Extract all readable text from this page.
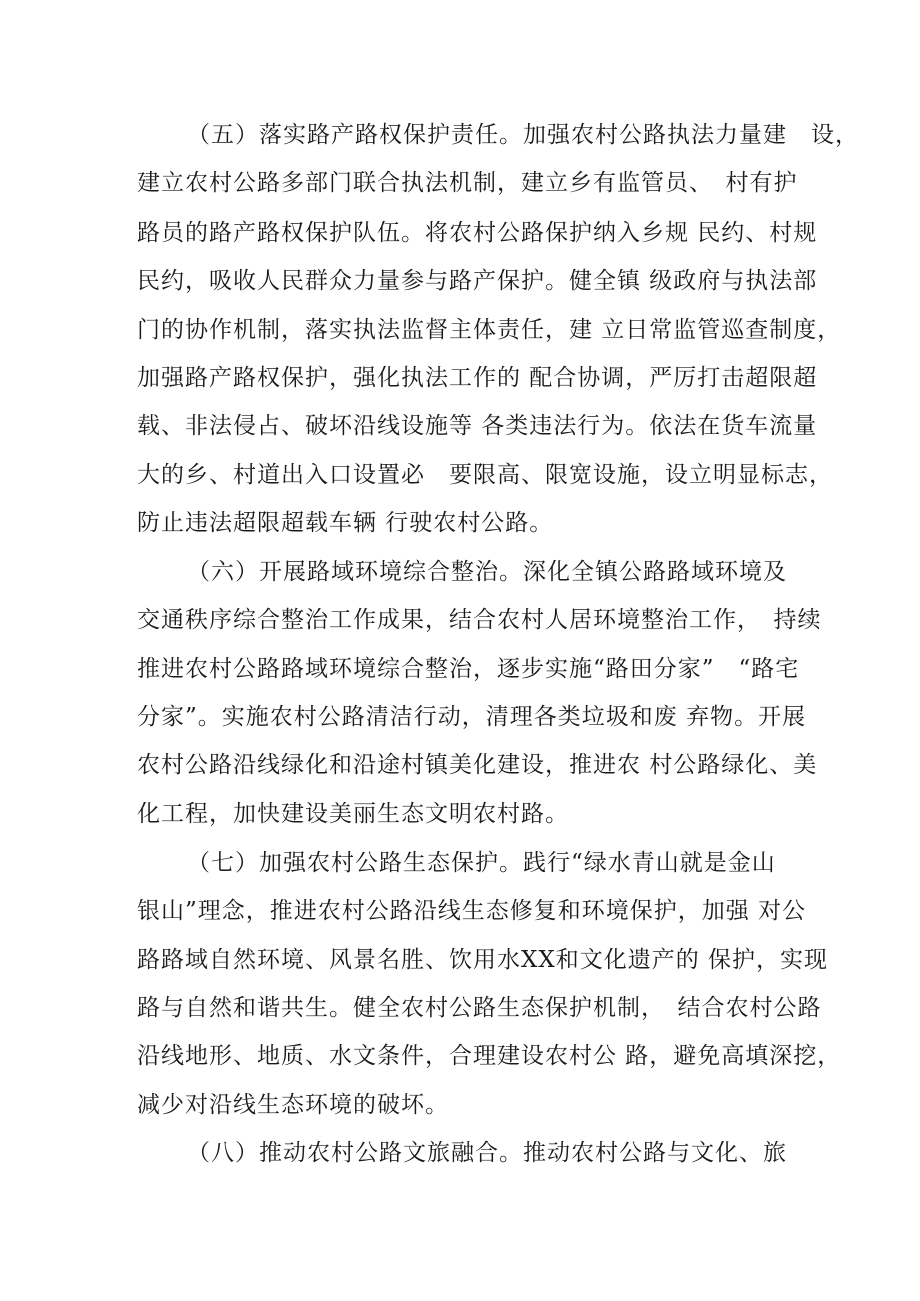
（五）落实路产路权保护责任。加强农村公路执法力量建　设，
建立农村公路多部门联合执法机制，建立乡有监管员、　村有护
路员的路产路权保护队伍。将农村公路保护纳入乡规 民约、村规
民约，吸收人民群众力量参与路产保护。健全镇 级政府与执法部
门的协作机制，落实执法监督主体责任，建 立日常监管巡查制度，
加强路产路权保护，强化执法工作的 配合协调，严厉打击超限超
载、非法侵占、破坏沿线设施等 各类违法行为。依法在货车流量
大的乡、村道出入口设置必　要限高、限宽设施，设立明显标志，
防止违法超限超载车辆 行驶农村公路。
（六）开展路域环境综合整治。深化全镇公路路域环境及
交通秩序综合整治工作成果，结合农村人居环境整治工作，　持续
推进农村公路路域环境综合整治，逐步实施“路田分家”　“路宅
分家”。实施农村公路清洁行动，清理各类垃圾和废 弃物。开展
农村公路沿线绿化和沿途村镇美化建设，推进农 村公路绿化、美
化工程，加快建设美丽生态文明农村路。
（七）加强农村公路生态保护。践行“绿水青山就是金山
银山”理念，推进农村公路沿线生态修复和环境保护，加强 对公
路路域自然环境、风景名胜、饮用水XX和文化遗产的 保护，实现
路与自然和谐共生。健全农村公路生态保护机制，　结合农村公路
沿线地形、地质、水文条件，合理建设农村公 路，避免高填深挖，
减少对沿线生态环境的破坏。
（八）推动农村公路文旅融合。推动农村公路与文化、旅
